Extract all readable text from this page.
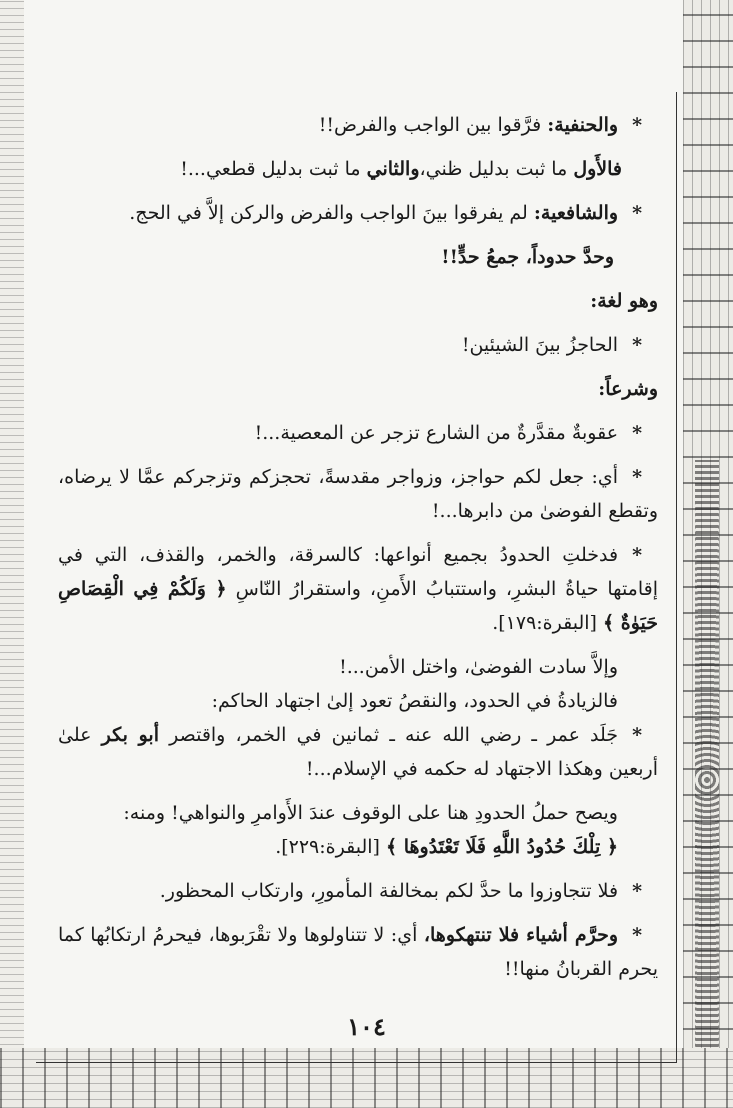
*والحنفية: فرَّقوا بين الواجب والفرض!!

فالأَول ما ثبت بدليل ظني،والثاني ما ثبت بدليل قطعي...!

*والشافعية: لم يفرقوا بينَ الواجب والفرض والركن إلاَّ في الحج.

وحدَّ حدوداً، جمعُ حدٍّ!!

وهو لغة:

*الحاجزُ بينَ الشيئين!

وشرعاً:

*عقوبةٌ مقدَّرةٌ من الشارع تزجر عن المعصية...!

*أي: جعل لكم حواجز، وزواجر مقدسةً، تحجزكم وتزجركم عمَّا لا يرضاه، وتقطع الفوضىٰ من دابرها...!

*فدخلتِ الحدودُ بجميع أنواعها: كالسرقة، والخمر، والقذف، التي في إقامتها حياةُ البشرِ، واستتبابُ الأَمنِ، واستقرارُ النّاسِ ﴿ وَلَكُمْ فِي الْقِصَاصِ حَيَوٰةٌ ﴾ [البقرة:١٧٩].

وإلاَّ سادت الفوضىٰ، واختل الأمن...!

فالزيادةُ في الحدود، والنقصُ تعود إلىٰ اجتهاد الحاكم:

*جَلَد عمر ـ رضي الله عنه ـ ثمانين في الخمر، واقتصر أبو بكر علىٰ أربعين وهكذا الاجتهاد له حكمه في الإسلام...!

ويصح حملُ الحدودِ هنا على الوقوف عندَ الأَوامرِ والنواهي! ومنه:

﴿ تِلْكَ حُدُودُ اللَّهِ فَلَا تَعْتَدُوهَا ﴾ [البقرة:٢٢٩].

*فلا تتجاوزوا ما حدَّ لكم بمخالفة المأمورِ، وارتكاب المحظور.

*وحرَّم أشياء فلا تنتهكوها، أي: لا تتناولوها ولا تقْرَبوها، فيحرمُ ارتكابُها كما يحرم القربانُ منها!!

١٠٤
